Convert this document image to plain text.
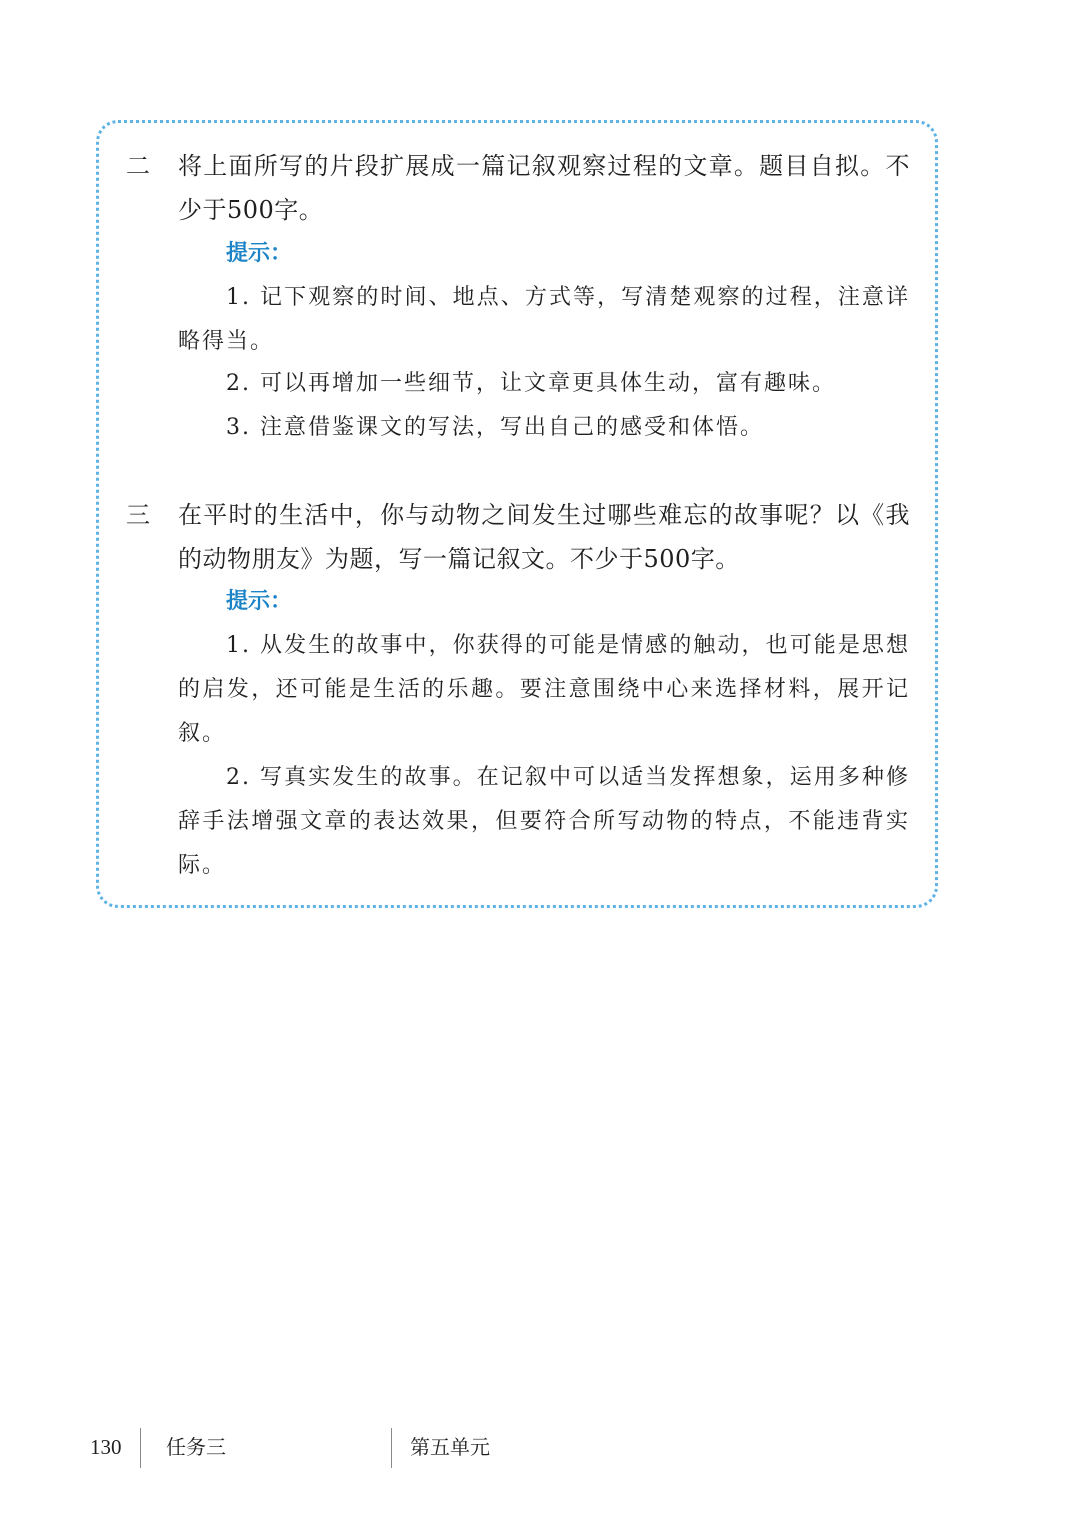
二	将上面所写的片段扩展成一篇记叙观察过程的文章。题目自拟。不少于500字。
提示：
1. 记下观察的时间、地点、方式等，写清楚观察的过程，注意详略得当。
2. 可以再增加一些细节，让文章更具体生动，富有趣味。
3. 注意借鉴课文的写法，写出自己的感受和体悟。
三	在平时的生活中，你与动物之间发生过哪些难忘的故事呢？以《我的动物朋友》为题，写一篇记叙文。不少于500字。
提示：
1. 从发生的故事中，你获得的可能是情感的触动，也可能是思想的启发，还可能是生活的乐趣。要注意围绕中心来选择材料，展开记叙。
2. 写真实发生的故事。在记叙中可以适当发挥想象，运用多种修辞手法增强文章的表达效果，但要符合所写动物的特点，不能违背实际。
130 任务三	第五单元
